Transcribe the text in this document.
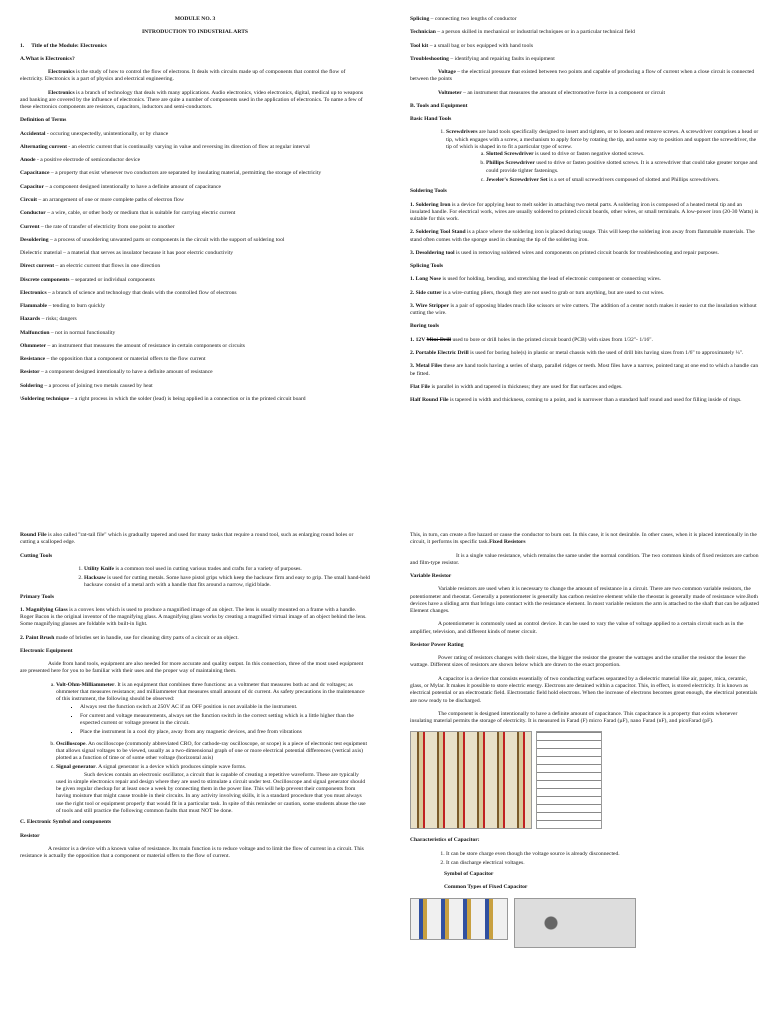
MODULE NO. 3
INTRODUCTION TO INDUSTRIAL ARTS

1. Title of the Module: Electronics

A.What is Electronics?

Electronics is the study of how to control the flow of electrons. It deals with circuits made up of components that control the flow of electricity. Electronics is a part of physics and electrical engineering.

Electronics is a branch of technology that deals with many applications. Audio electronics, video electronics, digital, medical up to weapons and banking are covered by the influence of electronics. There are quite a number of components used in the application of electronics. To name a few of these electronics components are resistors, capacitors, inductors and semi-conductors.

Definition of Terms

Accidental - occuring unexpectedly, unintentionally, or by chance

Alternating current - an electric current that is continually varying in value and reversing its direction of flow at regular interval

Anode - a positive electrode of semiconductor device

Capacitance – a property that exist whenever two conductors are separated by insulating material, permitting the storage of electricity

Capacitor – a component designed intentionally to have a definite amount of capacitance

Circuit – an arrangement of one or more complete paths of electron flow

Conductor – a wire, cable, or other body or medium that is suitable for carrying electric current

Current – the rate of transfer of electricity from one point to another

Desoldering – a process of unsoldering unwanted parts or components in the circuit with the support of soldering tool

Dielectric material – a material that serves as insulator because it has poor electric conductivity

Direct current – an electric current that flows in one direction

Discrete components – separated or individual components

Electronics – a branch of science and technology that deals with the controlled flow of electrons

Flammable – tending to burn quickly

Hazards – risks; dangers

Malfunction – not in normal functionality

Ohmmeter – an instrument that measures the amount of resistance in certain components or circuits

Resistance – the opposition that a component or material offers to the flow current

Resistor – a component designed intentionally to have a definite amount of resistance

Soldering – a process of joining two metals caused by heat

\Soldering technique – a right process in which the solder (lead) is being applied in a connection or in the printed circuit board

Splicing – connecting two lengths of conductor

Technician – a person skilled in mechanical or industrial techniques or in a particular technical field

Tool kit – a small bag or box equipped with hand tools

Troubleshooting – identifying and repairing faults in equipment

Voltage – the electrical pressure that existed between two points and capable of producing a flow of current when a close circuit is connected between the points

Voltmeter – an instrument that measures the amount of electromotive force in a component or circuit

B. Tools and Equipment

Basic Hand Tools

1. Screwdrivers are hand tools specifically designed to insert and tighten, or to loosen and remove screws. A screwdriver comprises a head or tip, which engages with a screw, a mechanism to apply force by rotating the tip, and some way to position and support the screwdriver, the tip of which is shaped in to fit a particular type of screw.
a. Slotted Screwdriver is used to drive or fasten negative slotted screws.
b. Phillips Screwdriver used to drive or fasten positive slotted screws. It is a screwdriver that could take greater torque and could provide tighter fastenings.
c. Jeweler's Screwdriver Set is a set of small screwdrivers composed of slotted and Phillips screwdrivers.

Soldering Tools

1. Soldering Iron is a device for applying heat to melt solder in attaching two metal parts. A soldering iron is composed of a heated metal tip and an insulated handle. For electrical work, wires are usually soldered to printed circuit boards, other wires, or small terminals. A low-power iron (20-30 Watts) is suitable for this work.

2. Soldering Tool Stand is a place where the soldering iron is placed during usage. This will keep the soldering iron away from flammable materials. The stand often comes with the sponge used in cleaning the tip of the soldering iron.

3. Desoldering tool is used in removing soldered wires and components on printed circuit boards for troubleshooting and repair purposes.

Splicing Tools

1. Long Nose is used for holding, bending, and stretching the lead of electronic component or connecting wires.

2. Side cutter is a wire-cutting pliers, though they are not used to grab or turn anything, but are used to cut wires.

3. Wire Stripper is a pair of opposing blades much like scissors or wire cutters. The addition of a center notch makes it easier to cut the insulation without cutting the wire.

Boring tools

1. 12V Mini-Drill used to bore or drill holes in the printed circuit board (PCB) with sizes from 1/32"- 1/16".

2. Portable Electric Drill is used for boring hole(s) in plastic or metal chassis with the used of drill bits having sizes from 1/6" to approximately ¼".

3. Metal Files these are hand tools having a series of sharp, parallel ridges or teeth. Most files have a narrow, pointed tang at one end to which a handle can be fitted.

Flat File is parallel in width and tapered in thickness; they are used for flat surfaces and edges.

Half Round File is tapered in width and thickness, coming to a point, and is narrower than a standard half round and used for filling inside of rings.

Round File is also called "rat-tail file" which is gradually tapered and used for many tasks that require a round tool, such as enlarging round holes or cutting a scalloped edge.

Cutting Tools

1. Utility Knife is a common tool used in cutting various trades and crafts for a variety of purposes.
2. Hacksaw is used for cutting metals. Some have pistol grips which keep the hacksaw firm and easy to grip. The small hand-held hacksaw consist of a metal arch with a handle that fits around a narrow, rigid blade.

Primary Tools

1. Magnifying Glass is a convex lens which is used to produce a magnified image of an object. The lens is usually mounted on a frame with a handle. Roger Bacon is the original inventor of the magnifying glass. A magnifying glass works by creating a magnified virtual image of an object behind the lens. Some magnifying glasses are foldable with built-in light.

2. Paint Brush made of bristles set in handle, use for cleaning dirty parts of a circuit or an object.

Electronic Equipment

Aside from hand tools, equipment are also needed for more accurate and quality output. In this connection, three of the most used equipment are presented here for you to be familiar with their uses and the proper way of maintaining them.

a. Volt-Ohm-Milliammeter. It is an equipment that combines three functions: as a voltmeter that measures both ac and dc voltages; as ohmmeter that measures resistance; and milliammeter that measures small amount of dc current. As safety precautions in the maintenance of this instrument, the following should be observed:
▪ Always rest the function switch at 250V AC if an OFF position is not available in the instrument.
▪ For current and voltage measurements, always set the function switch in the correct setting which is a little higher than the expected current or voltage present in the circuit.
▪ Place the instrument in a cool dry place, away from any magnetic devices, and free from vibrations
b. Oscilloscope. An oscilloscope (commonly abbreviated CRO, for cathode-ray oscilloscope, or scope) is a piece of electronic test equipment that allows signal voltages to be viewed, usually as a two-dimensional graph of one or more electrical potential differences (vertical axis) plotted as a function of time or of some other voltage (horizontal axis)
c. Signal generator. A signal generator is a device which produces simple wave forms.
Such devices contain an electronic oscillator, a circuit that is capable of creating a repetitive waveform. These are typically used in simple electronics repair and design where they are used to stimulate a circuit under test. Oscilloscope and signal generator should be given regular checkup for at least once a week by connecting them in the power line. This will help prevent their components from having moisture that might cause trouble in their circuits. In any activity involving skills, it is a standard procedure that you must always use the right tool or equipment properly that would fit in a particular task. In spite of this reminder or caution, some students abuse the use of tools and still practice the following common faults that must NOT be done.

C. Electronic Symbol and components

Resistor

A resistor is a device with a known value of resistance. Its main function is to reduce voltage and to limit the flow of current in a circuit. This resistance is actually the opposition that a component or material offers to the flow of current.

This, in turn, can create a fire hazard or cause the conductor to burn out. In this case, it is not desirable. In other cases, when it is placed intentionally in the circuit, it performs its specific task.Fixed Resistors

It is a single value resistance, which remains the same under the normal condition. The two common kinds of fixed resistors are carbon and film-type resistor.

Variable Resistor

Variable resistors are used when it is necessary to change the amount of resistance in a circuit. There are two common variable resistors, the potentiometer and rheostat. Generally a potentiometer is generally has carbon resistive element while the rheostat is generally made of resistance wire.Both devices have a sliding arm that brings into contact with the resistance element. In most variable resistors the arm is attached to the shaft that can be adjusted Element changes.

A potentiometer is commonly used as control device. It can be used to vary the value of voltage applied to a certain circuit such as in the amplifier, television, and different kinds of meter circuit.

Resistor Power Rating

Power rating of resistors changes with their sizes, the bigger the resistor the greater the wattages and the smaller the resistor the lesser the wattage. Different sizes of resistors are shown below which are drawn to the exact proportion.

A capacitor is a device that consists essentially of two conducting surfaces separated by a dielectric material like air, paper, mica, ceramic, glass, or Mylar. It makes it possible to store electric energy. Electrons are detained within a capacitor. This, in effect, is stored electricity. It is known as electrical potential or an electrostatic field. Electrostatic field hold electrons. When the increase of electrons becomes great enough, the electrical potentials are now ready to be discharged.

The component is designed intentionally to have a definite amount of capacitance. This capacitance is a property that exists whenever insulating material permits the storage of electricity. It is measured in Farad (F) micro Farad (µF), nano Farad (nF), and picoFarad (pF).

Characteristics of Capacitor:

1. It can be store charge even though the voltage source is already disconnected.
2. It can discharge electrical voltages.

Symbol of Capacitor

Common Types of Fixed Capacitor
